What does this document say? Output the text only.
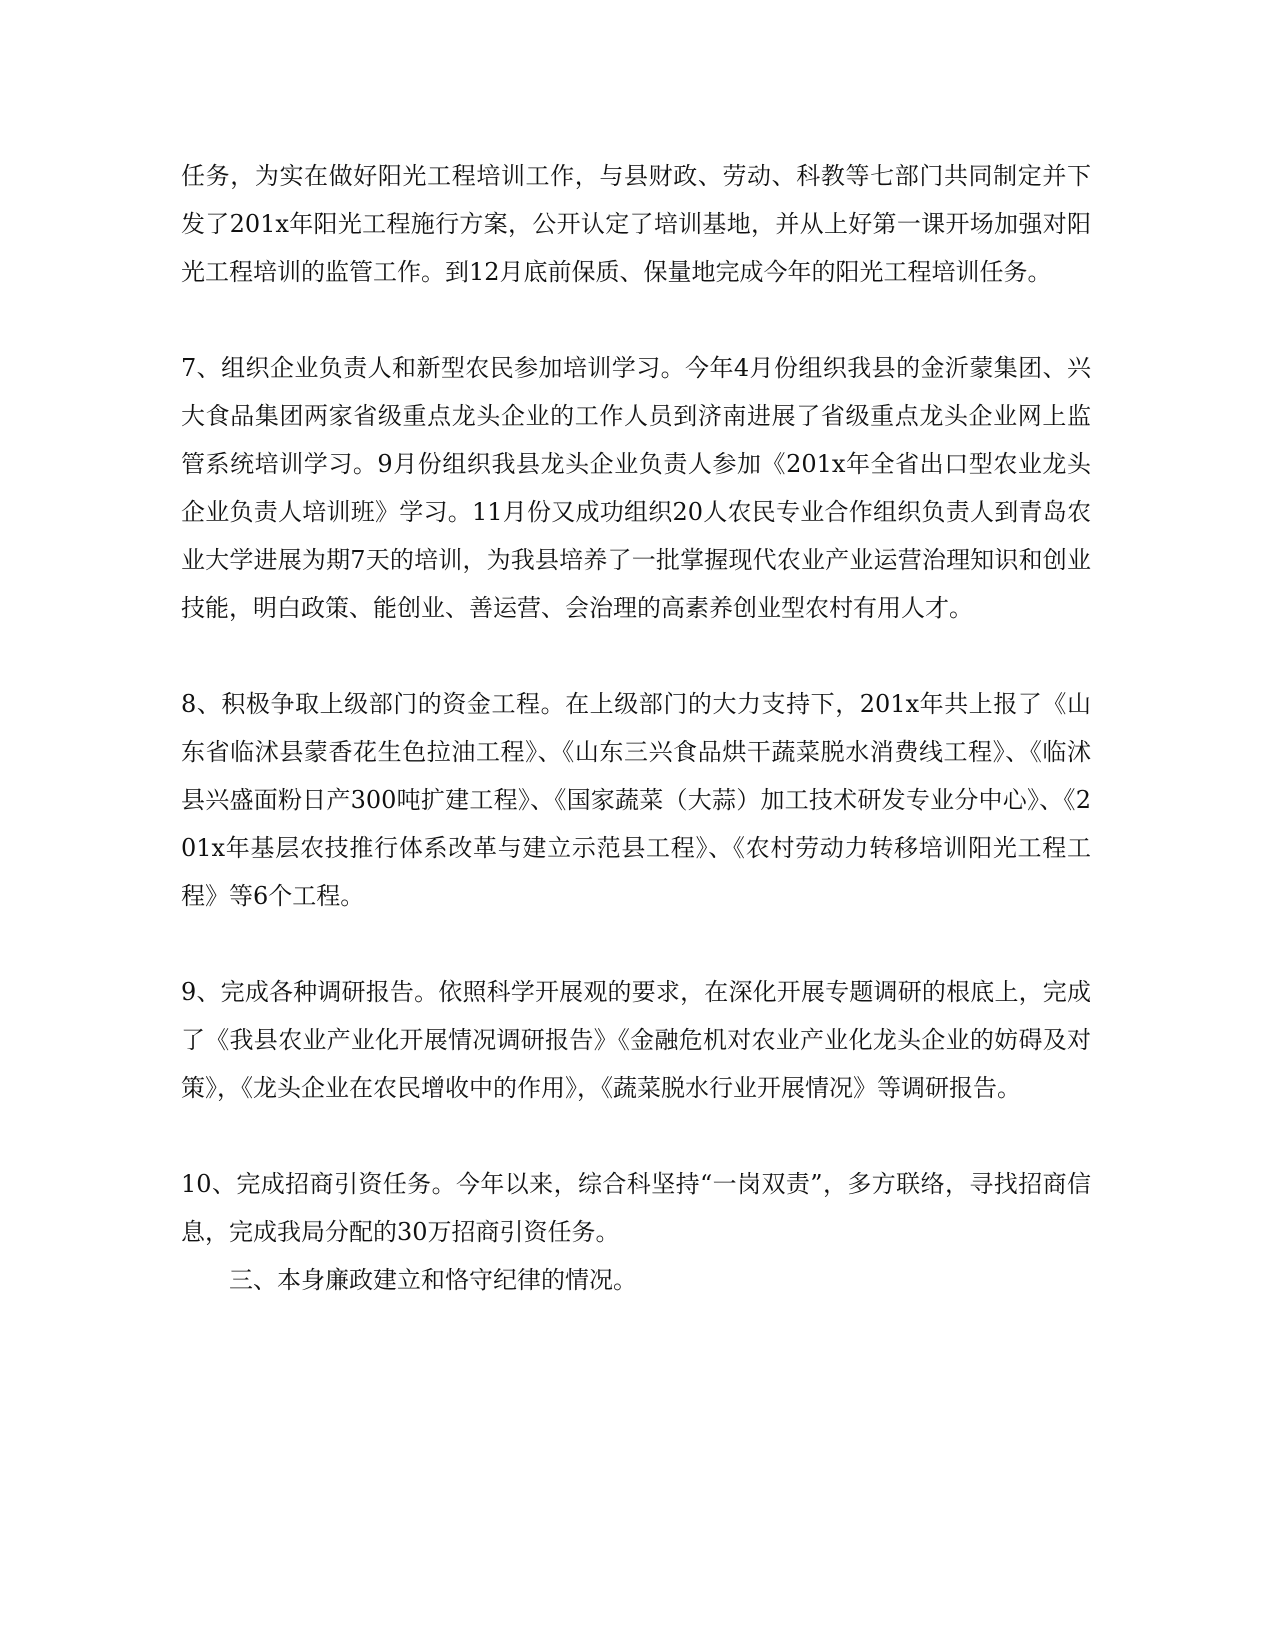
任务，为实在做好阳光工程培训工作，与县财政、劳动、科教等七部门共同制定并下发了201x年阳光工程施行方案，公开认定了培训基地，并从上好第一课开场加强对阳光工程培训的监管工作。到12月底前保质、保量地完成今年的阳光工程培训任务。

7、组织企业负责人和新型农民参加培训学习。今年4月份组织我县的金沂蒙集团、兴大食品集团两家省级重点龙头企业的工作人员到济南进展了省级重点龙头企业网上监管系统培训学习。9月份组织我县龙头企业负责人参加《201x年全省出口型农业龙头企业负责人培训班》学习。11月份又成功组织20人农民专业合作组织负责人到青岛农业大学进展为期7天的培训，为我县培养了一批掌握现代农业产业运营治理知识和创业技能，明白政策、能创业、善运营、会治理的高素养创业型农村有用人才。

8、积极争取上级部门的资金工程。在上级部门的大力支持下，201x年共上报了《山东省临沭县蒙香花生色拉油工程》、《山东三兴食品烘干蔬菜脱水消费线工程》、《临沭县兴盛面粉日产300吨扩建工程》、《国家蔬菜（大蒜）加工技术研发专业分中心》、《201x年基层农技推行体系改革与建立示范县工程》、《农村劳动力转移培训阳光工程工程》等6个工程。

9、完成各种调研报告。依照科学开展观的要求，在深化开展专题调研的根底上，完成了《我县农业产业化开展情况调研报告》《金融危机对农业产业化龙头企业的妨碍及对策》，《龙头企业在农民增收中的作用》，《蔬菜脱水行业开展情况》等调研报告。

10、完成招商引资任务。今年以来，综合科坚持“一岗双责”，多方联络，寻找招商信息，完成我局分配的30万招商引资任务。

三、本身廉政建立和恪守纪律的情况。
